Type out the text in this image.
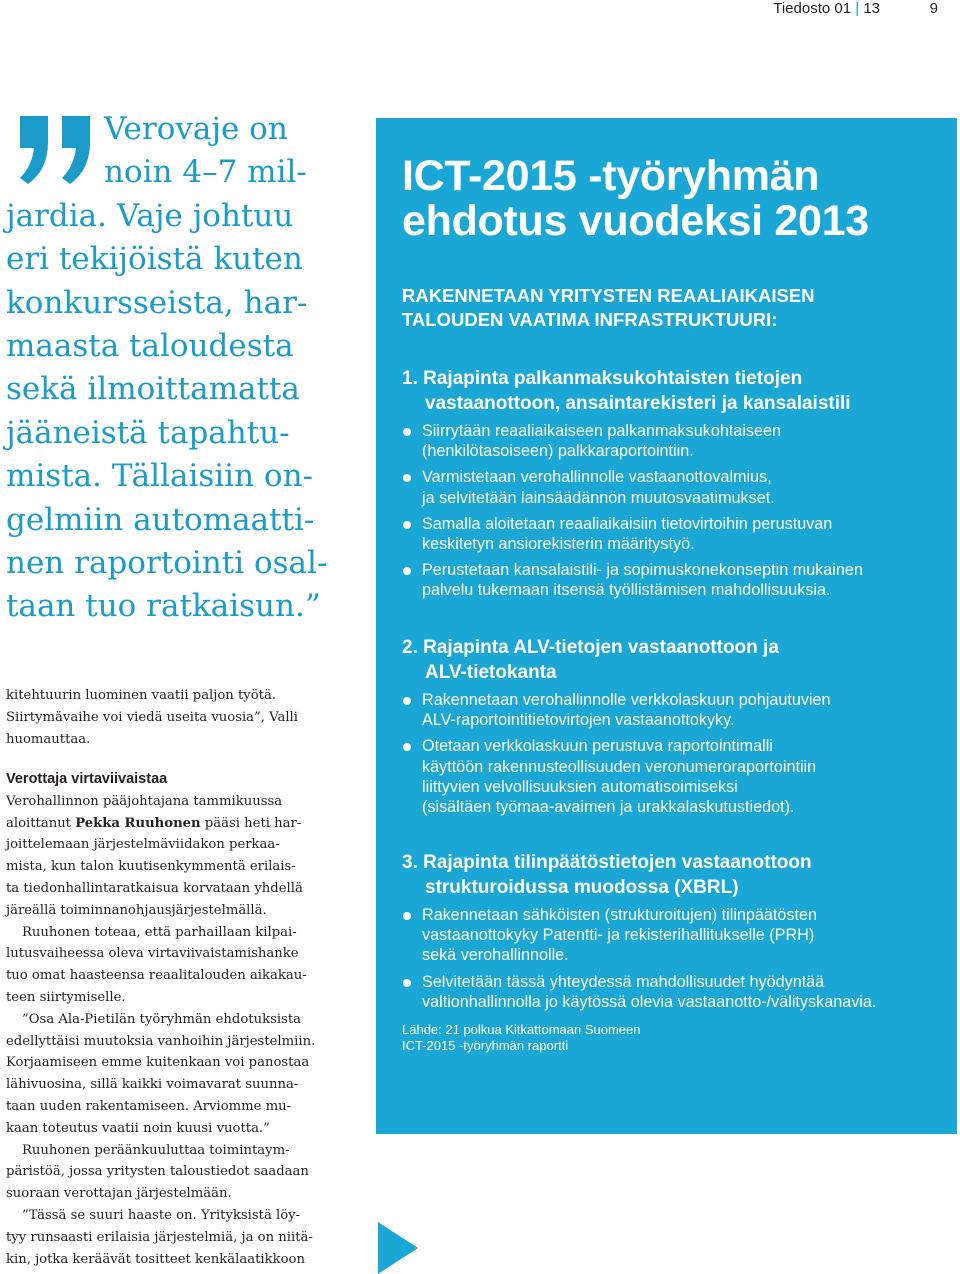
Tiedosto 01 | 13	9
Verovaje on
noin 4–7 mil-
jardia. Vaje johtuu
eri tekijöistä kuten
konkursseista, har-
maasta taloudesta
sekä ilmoittamatta
jääneistä tapahtu-
mista. Tällaisiin on-
gelmiin automaatti-
nen raportointi osal-
taan tuo ratkaisun.”
kitehtuurin luominen vaatii paljon työtä.
Siirtymävaihe voi viedä useita vuosia”, Valli
huomauttaa.
Verottaja virtaviivaistaa
Verohallinnon pääjohtajana tammikuussa
aloittanut Pekka Ruuhonen pääsi heti har-
joittelemaan järjestelmäviidakon perkaa-
mista, kun talon kuutisenkymmentä erilais-
ta tiedonhallintaratkaisua korvataan yhdellä
järeällä toiminnanohjausjärjestelmällä.
Ruuhonen toteaa, että parhaillaan kilpai-
lutusvaiheessa oleva virtaviivaistamishanke
tuo omat haasteensa reaalitalouden aikakau-
teen siirtymiselle.
”Osa Ala-Pietilän työryhmän ehdotuksista
edellyttäisi muutoksia vanhoihin järjestelmiin.
Korjaamiseen emme kuitenkaan voi panostaa
lähivuosina, sillä kaikki voimavarat suunna-
taan uuden rakentamiseen. Arviomme mu-
kaan toteutus vaatii noin kuusi vuotta.”
Ruuhonen peräänkuuluttaa toimintaym-
päristöä, jossa yritysten taloustiedot saadaan
suoraan verottajan järjestelmään.
”Tässä se suuri haaste on. Yrityksistä löy-
tyy runsaasti erilaisia järjestelmiä, ja on niitä-
kin, jotka keräävät tositteet kenkälaatikkoon
ICT-2015 -työryhmän
ehdotus vuodeksi 2013
RAKENNETAAN YRITYSTEN REAALIAIKAISEN
TALOUDEN VAATIMA INFRASTRUKTUURI:
1. Rajapinta palkanmaksukohtaisten tietojen
vastaanottoon, ansaintarekisteri ja kansalaistili
Siirrytään reaaliaikaiseen palkanmaksukohtaiseen
(henkilötasoiseen) palkkaraportointiin.
Varmistetaan verohallinnolle vastaanottovalmius,
ja selvitetään lainsäädännön muutosvaatimukset.
Samalla aloitetaan reaaliaikaisiin tietovirtoihin perustuvan
keskitetyn ansiorekisterin määritystyö.
Perustetaan kansalaistili- ja sopimuskonekonseptin mukainen
palvelu tukemaan itsensä työllistämisen mahdollisuuksia.
2. Rajapinta ALV-tietojen vastaanottoon ja
ALV-tietokanta
Rakennetaan verohallinnolle verkkolaskuun pohjautuvien
ALV-raportointitietovirtojen vastaanottokyky.
Otetaan verkkolaskuun perustuva raportointimalli
käyttöön rakennusteollisuuden veronumeroraportointiin
liittyvien velvollisuuksien automatisoimiseksi
(sisältäen työmaa-avaimen ja urakkalaskutustiedot).
3. Rajapinta tilinpäätöstietojen vastaanottoon
strukturoidussa muodossa (XBRL)
Rakennetaan sähköisten (strukturoitujen) tilinpäätösten
vastaanottokyky Patentti- ja rekisterihallitukselle (PRH)
sekä verohallinnolle.
Selvitetään tässä yhteydessä mahdollisuudet hyödyntää
valtionhallinnolla jo käytössä olevia vastaanotto-/välityskanavia.
Lähde: 21 polkua Kitkattomaan Suomeen
ICT-2015 -työryhmän raportti
